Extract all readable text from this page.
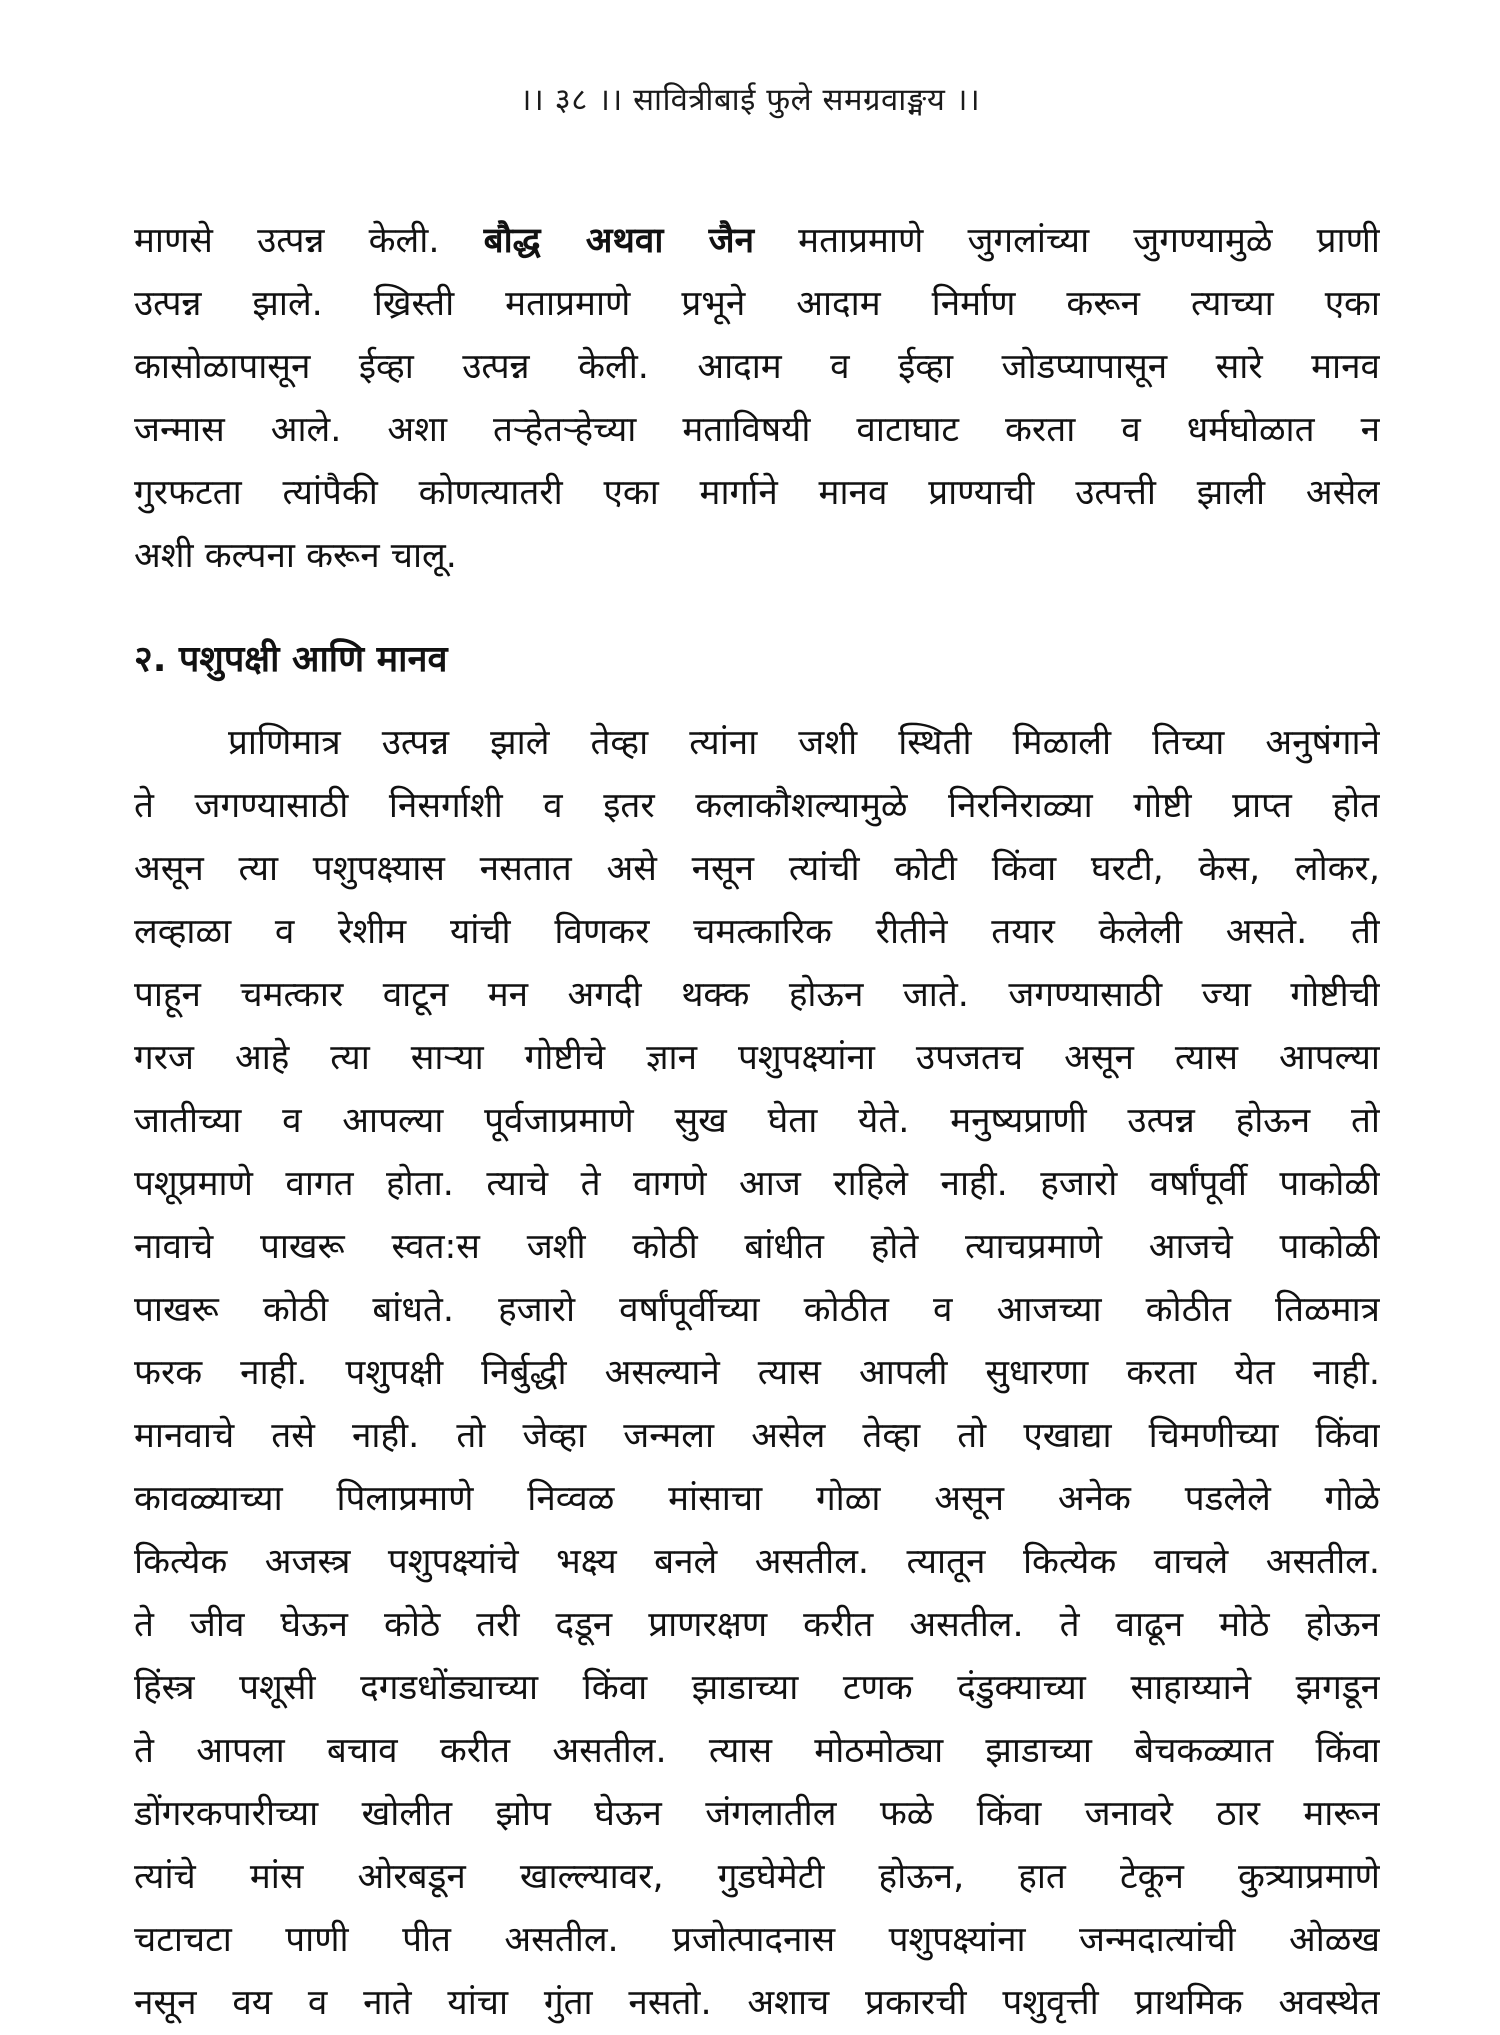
।। ३८ ।। सावित्रीबाई फुले समग्रवाङ्मय ।।
माणसे उत्पन्न केली. बौद्ध अथवा जैन मताप्रमाणे जुगलांच्या जुगण्यामुळे प्राणी
उत्पन्न झाले. ख्रिस्ती मताप्रमाणे प्रभूने आदाम निर्माण करून त्याच्या एका
कासोळापासून ईव्हा उत्पन्न केली. आदाम व ईव्हा जोडप्यापासून सारे मानव
जन्मास आले. अशा तऱ्हेतऱ्हेच्या मताविषयी वाटाघाट करता व धर्मघोळात न
गुरफटता त्यांपैकी कोणत्यातरी एका मार्गाने मानव प्राण्याची उत्पत्ती झाली असेल
अशी कल्पना करून चालू.
२. पशुपक्षी आणि मानव
प्राणिमात्र उत्पन्न झाले तेव्हा त्यांना जशी स्थिती मिळाली तिच्या अनुषंगाने
ते जगण्यासाठी निसर्गाशी व इतर कलाकौशल्यामुळे निरनिराळ्या गोष्टी प्राप्त होत
असून त्या पशुपक्ष्यास नसतात असे नसून त्यांची कोटी किंवा घरटी, केस, लोकर,
लव्हाळा व रेशीम यांची विणकर चमत्कारिक रीतीने तयार केलेली असते. ती
पाहून चमत्कार वाटून मन अगदी थक्क होऊन जाते. जगण्यासाठी ज्या गोष्टीची
गरज आहे त्या साऱ्या गोष्टीचे ज्ञान पशुपक्ष्यांना उपजतच असून त्यास आपल्या
जातीच्या व आपल्या पूर्वजाप्रमाणे सुख घेता येते. मनुष्यप्राणी उत्पन्न होऊन तो
पशूप्रमाणे वागत होता. त्याचे ते वागणे आज राहिले नाही. हजारो वर्षांपूर्वी पाकोळी
नावाचे पाखरू स्वत:स जशी कोठी बांधीत होते त्याचप्रमाणे आजचे पाकोळी
पाखरू कोठी बांधते. हजारो वर्षांपूर्वीच्या कोठीत व आजच्या कोठीत तिळमात्र
फरक नाही. पशुपक्षी निर्बुद्धी असल्याने त्यास आपली सुधारणा करता येत नाही.
मानवाचे तसे नाही. तो जेव्हा जन्मला असेल तेव्हा तो एखाद्या चिमणीच्या किंवा
कावळ्याच्या पिलाप्रमाणे निव्वळ मांसाचा गोळा असून अनेक पडलेले गोळे
कित्येक अजस्त्र पशुपक्ष्यांचे भक्ष्य बनले असतील. त्यातून कित्येक वाचले असतील.
ते जीव घेऊन कोठे तरी दडून प्राणरक्षण करीत असतील. ते वाढून मोठे होऊन
हिंस्त्र पशूसी दगडधोंड्याच्या किंवा झाडाच्या टणक दंडुक्याच्या साहाय्याने झगडून
ते आपला बचाव करीत असतील. त्यास मोठमोठ्या झाडाच्या बेचकळ्यात किंवा
डोंगरकपारीच्या खोलीत झोप घेऊन जंगलातील फळे किंवा जनावरे ठार मारून
त्यांचे मांस ओरबडून खाल्ल्यावर, गुडघेमेटी होऊन, हात टेकून कुत्र्याप्रमाणे
चटाचटा पाणी पीत असतील. प्रजोत्पादनास पशुपक्ष्यांना जन्मदात्यांची ओळख
नसून वय व नाते यांचा गुंता नसतो. अशाच प्रकारची पशुवृत्ती प्राथमिक अवस्थेत
